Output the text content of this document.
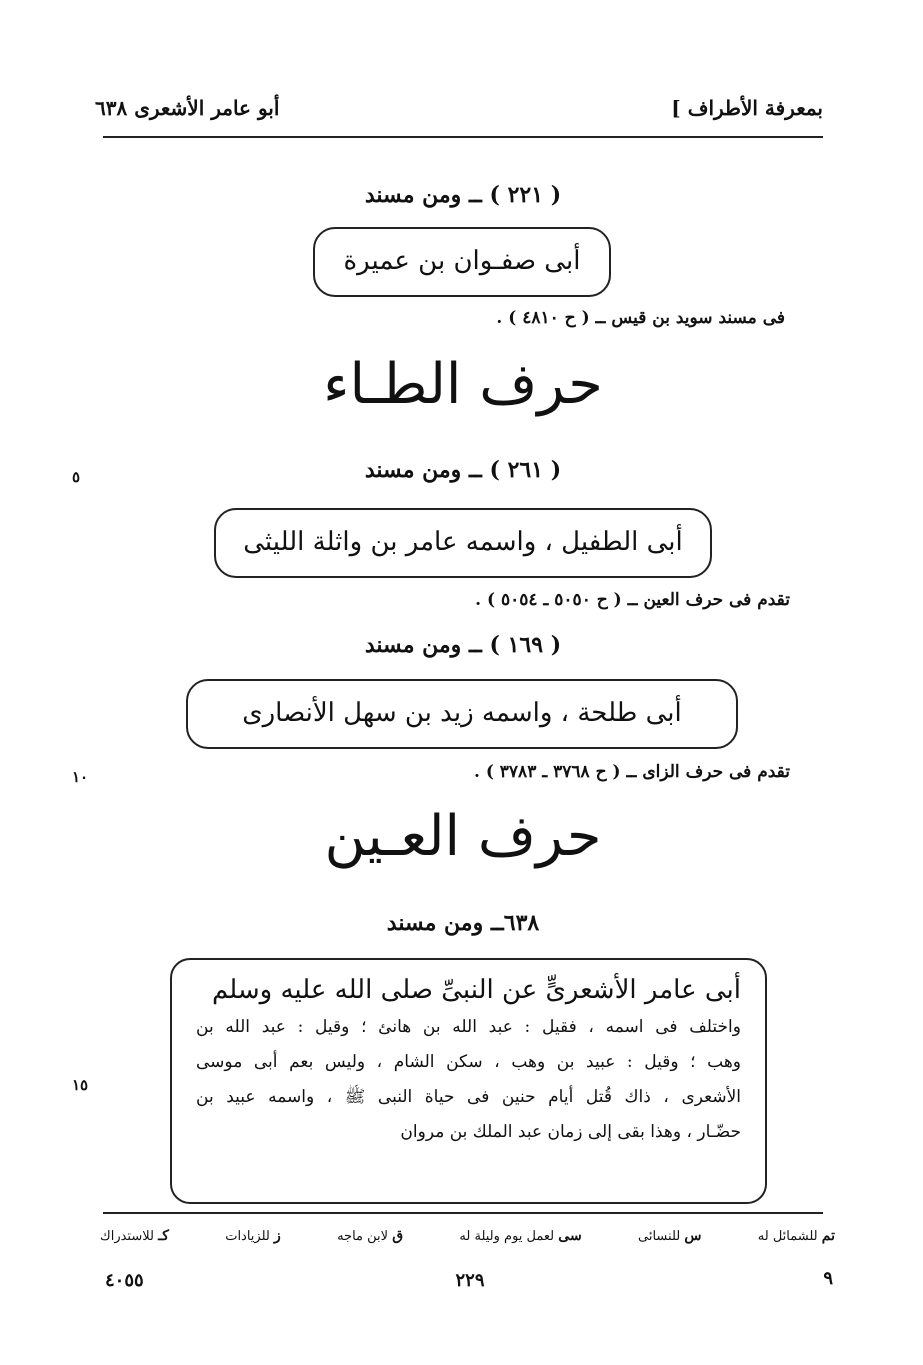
أبو عامر الأشعرى ٦٣٨	بمعرفة الأطراف ]
( ٢٢١ ) ــ ومن مسند
أبى صفـوان بن عميرة
فى مسند سويد بن قيس ــ ( ح ٤٨١٠ ) .
حرف الطـاء
( ٢٦١ ) ــ ومن مسند
٥
أبى الطفيل ، واسمه عامر بن واثلة الليثى
تقدم فى حرف العين ــ ( ح ٥٠٥٠ ـ ٥٠٥٤ ) .
( ١٦٩ ) ــ ومن مسند
أبى طلحة ، واسمه زيد بن سهل الأنصارى
١٠	تقدم فى حرف الزاى ــ ( ح ٣٧٦٨ ـ ٣٧٨٣ ) .
حرف العـين
٦٣٨ــ ومن مسند
أبى عامر الأشعرىٍّ عن النبىِّ صلى الله عليه وسلم
واختلف فى اسمه ، فقيل : عبد الله بن هانئ ؛ وقيل : عبد الله بن
وهب ؛ وقيل : عبيد بن وهب ، سكن الشام ، وليس بعم أبى موسى
الأشعرى ، ذاك قُتل أيام حنين فى حياة النبى ﷺ ، واسمه عبيد بن
حضّـار ، وهذا بقى إلى زمان عبد الملك بن مروان
١٥
تم للشمائل له
س للنسائى
سى لعمل يوم وليلة له
ق لابن ماجه
ز للزيادات
كـ للاستدراك
٤٠٥٥	٢٢٩	٩
